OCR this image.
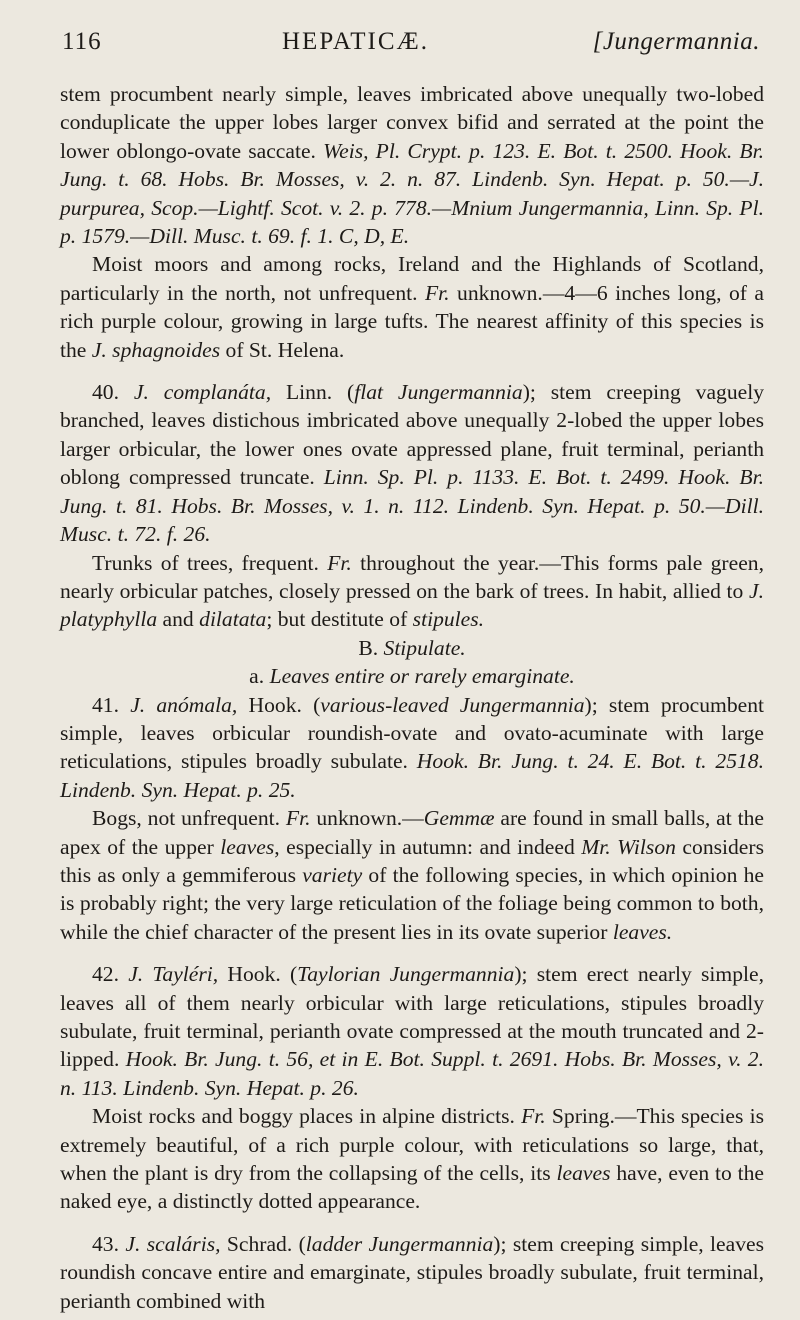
116	HEPATICÆ.	[Jungermannia.

stem procumbent nearly simple, leaves imbricated above unequally two-lobed conduplicate the upper lobes larger convex bifid and serrated at the point the lower oblongo-ovate saccate. Weis, Pl. Crypt. p. 123. E. Bot. t. 2500. Hook. Br. Jung. t. 68. Hobs. Br. Mosses, v. 2. n. 87. Lindenb. Syn. Hepat. p. 50.—J. purpurea, Scop.—Lightf. Scot. v. 2. p. 778.—Mnium Jungermannia, Linn. Sp. Pl. p. 1579.—Dill. Musc. t. 69. f. 1. C, D, E.

Moist moors and among rocks, Ireland and the Highlands of Scotland, particularly in the north, not unfrequent. Fr. unknown.—4—6 inches long, of a rich purple colour, growing in large tufts. The nearest affinity of this species is the J. sphagnoides of St. Helena.

40. J. complanáta, Linn. (flat Jungermannia); stem creeping vaguely branched, leaves distichous imbricated above unequally 2-lobed the upper lobes larger orbicular, the lower ones ovate appressed plane, fruit terminal, perianth oblong compressed truncate. Linn. Sp. Pl. p. 1133. E. Bot. t. 2499. Hook. Br. Jung. t. 81. Hobs. Br. Mosses, v. 1. n. 112. Lindenb. Syn. Hepat. p. 50.—Dill. Musc. t. 72. f. 26.

Trunks of trees, frequent. Fr. throughout the year.—This forms pale green, nearly orbicular patches, closely pressed on the bark of trees. In habit, allied to J. platyphylla and dilatata; but destitute of stipules.

B. Stipulate.

a. Leaves entire or rarely emarginate.

41. J. anómala, Hook. (various-leaved Jungermannia); stem procumbent simple, leaves orbicular roundish-ovate and ovato-acuminate with large reticulations, stipules broadly subulate. Hook. Br. Jung. t. 24. E. Bot. t. 2518. Lindenb. Syn. Hepat. p. 25.

Bogs, not unfrequent. Fr. unknown.—Gemmæ are found in small balls, at the apex of the upper leaves, especially in autumn: and indeed Mr. Wilson considers this as only a gemmiferous variety of the following species, in which opinion he is probably right; the very large reticulation of the foliage being common to both, while the chief character of the present lies in its ovate superior leaves.

42. J. Tayléri, Hook. (Taylorian Jungermannia); stem erect nearly simple, leaves all of them nearly orbicular with large reticulations, stipules broadly subulate, fruit terminal, perianth ovate compressed at the mouth truncated and 2-lipped. Hook. Br. Jung. t. 56, et in E. Bot. Suppl. t. 2691. Hobs. Br. Mosses, v. 2. n. 113. Lindenb. Syn. Hepat. p. 26.

Moist rocks and boggy places in alpine districts. Fr. Spring.—This species is extremely beautiful, of a rich purple colour, with reticulations so large, that, when the plant is dry from the collapsing of the cells, its leaves have, even to the naked eye, a distinctly dotted appearance.

43. J. scaláris, Schrad. (ladder Jungermannia); stem creeping simple, leaves roundish concave entire and emarginate, stipules broadly subulate, fruit terminal, perianth combined with
